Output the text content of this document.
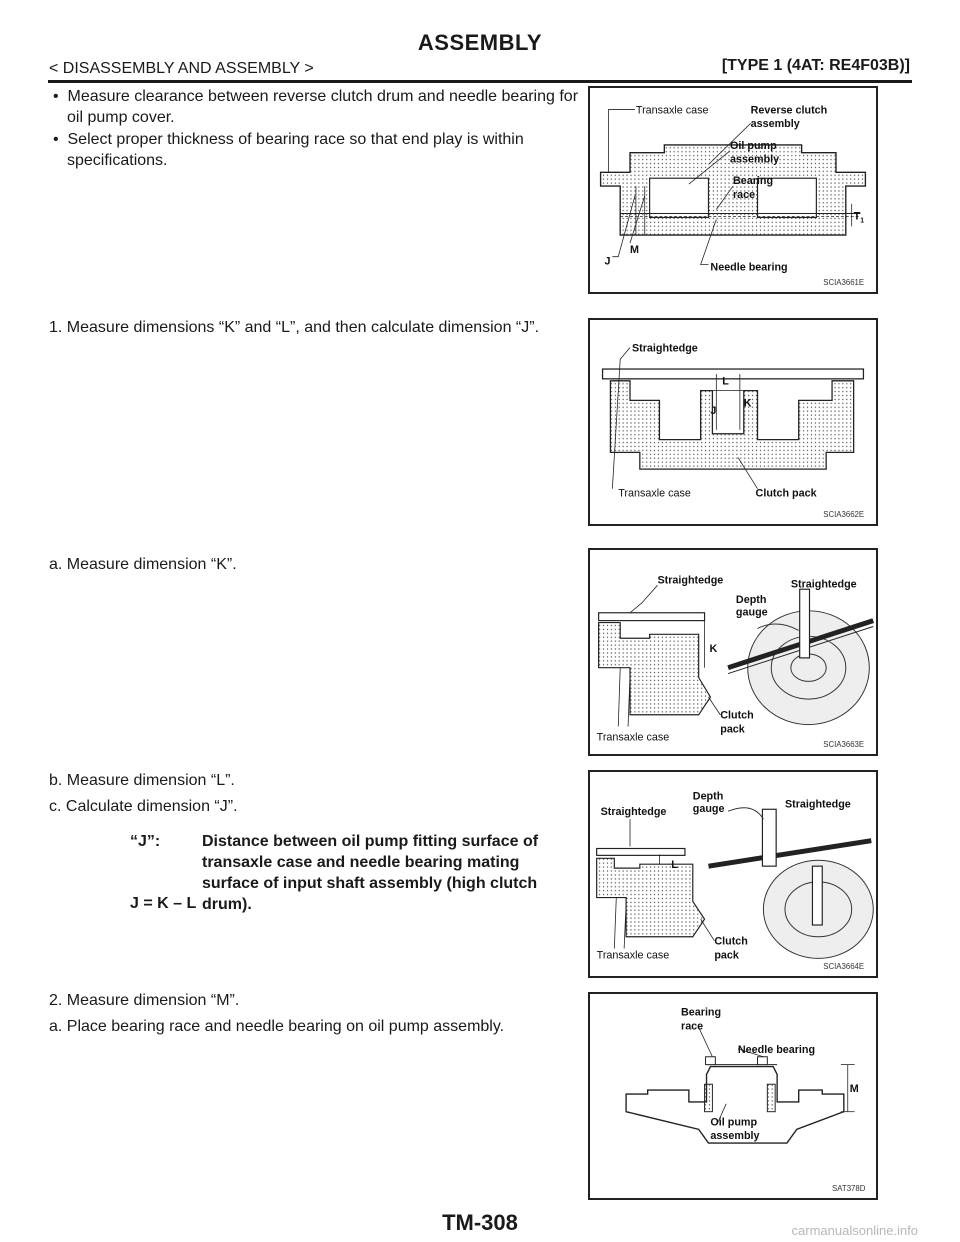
ASSEMBLY
< DISASSEMBLY AND ASSEMBLY >	[TYPE 1 (4AT: RE4F03B)]
•  Measure clearance between reverse clutch drum and needle bearing for oil pump cover.
•  Select proper thickness of bearing race so that end play is within specifications.
1. Measure dimensions “K” and “L”, and then calculate dimension “J”.
a. Measure dimension “K”.
b. Measure dimension “L”.
c. Calculate dimension “J”.
“J”:	Distance between oil pump fitting surface of transaxle case and needle bearing mating surface of input shaft assembly (high clutch drum).
J = K – L
2. Measure dimension “M”.
a. Place bearing race and needle bearing on oil pump assembly.
Transaxle case	Reverse clutch
assembly
Oil pump
assembly
Bearing
race
$T_1$
M
J	Needle bearing
SCIA3661E
Straightedge
L
J
K
Transaxle case	Clutch pack
SCIA3662E
Straightedge
Depth
gauge
Straightedge
K
Clutch
pack
Transaxle case
SCIA3663E
Straightedge
Depth
gauge	Straightedge
L
Clutch
pack
Transaxle case
SCIA3664E
Bearing
race
Needle bearing
M
Oil pump
assembly
SAT378D
TM-308	carmanualsonline.info
